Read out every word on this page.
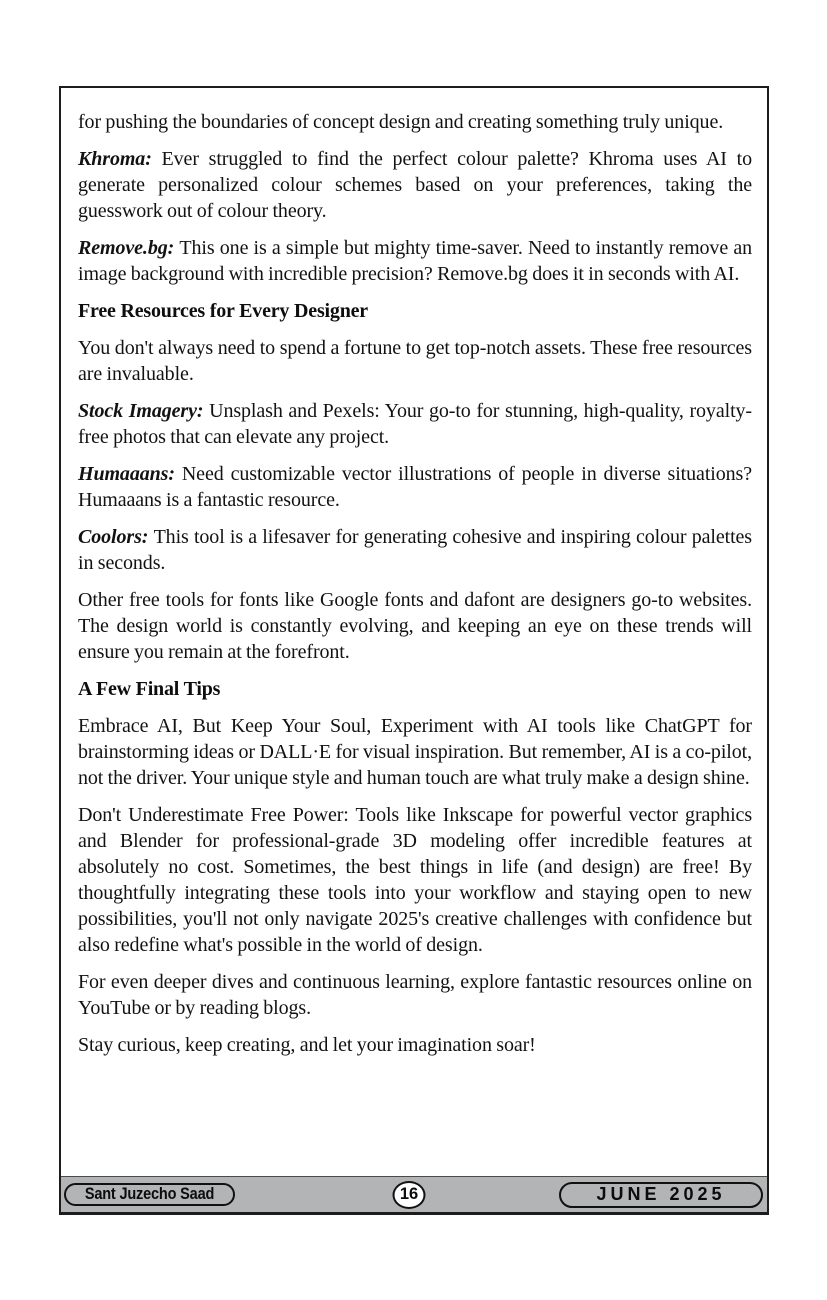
for pushing the boundaries of concept design and creating something truly unique.

Khroma: Ever struggled to find the perfect colour palette? Khroma uses AI to generate personalized colour schemes based on your preferences, taking the guesswork out of colour theory.

Remove.bg: This one is a simple but mighty time-saver. Need to instantly remove an image background with incredible precision? Remove.bg does it in seconds with AI.

Free Resources for Every Designer

You don't always need to spend a fortune to get top-notch assets. These free resources are invaluable.

Stock Imagery: Unsplash and Pexels: Your go-to for stunning, high-quality, royalty-free photos that can elevate any project.

Humaaans: Need customizable vector illustrations of people in diverse situations? Humaaans is a fantastic resource.

Coolors: This tool is a lifesaver for generating cohesive and inspiring colour palettes in seconds.

Other free tools for fonts like Google fonts and dafont are designers go-to websites. The design world is constantly evolving, and keeping an eye on these trends will ensure you remain at the forefront.

A Few Final Tips

Embrace AI, But Keep Your Soul, Experiment with AI tools like ChatGPT for brainstorming ideas or DALL·E for visual inspiration. But remember, AI is a co-pilot, not the driver. Your unique style and human touch are what truly make a design shine.

Don't Underestimate Free Power: Tools like Inkscape for powerful vector graphics and Blender for professional-grade 3D modeling offer incredible features at absolutely no cost. Sometimes, the best things in life (and design) are free! By thoughtfully integrating these tools into your workflow and staying open to new possibilities, you'll not only navigate 2025's creative challenges with confidence but also redefine what's possible in the world of design.

For even deeper dives and continuous learning, explore fantastic resources online on YouTube or by reading blogs.

Stay curious, keep creating, and let your imagination soar!

Sant Juzecho Saad	16	JUNE 2025
